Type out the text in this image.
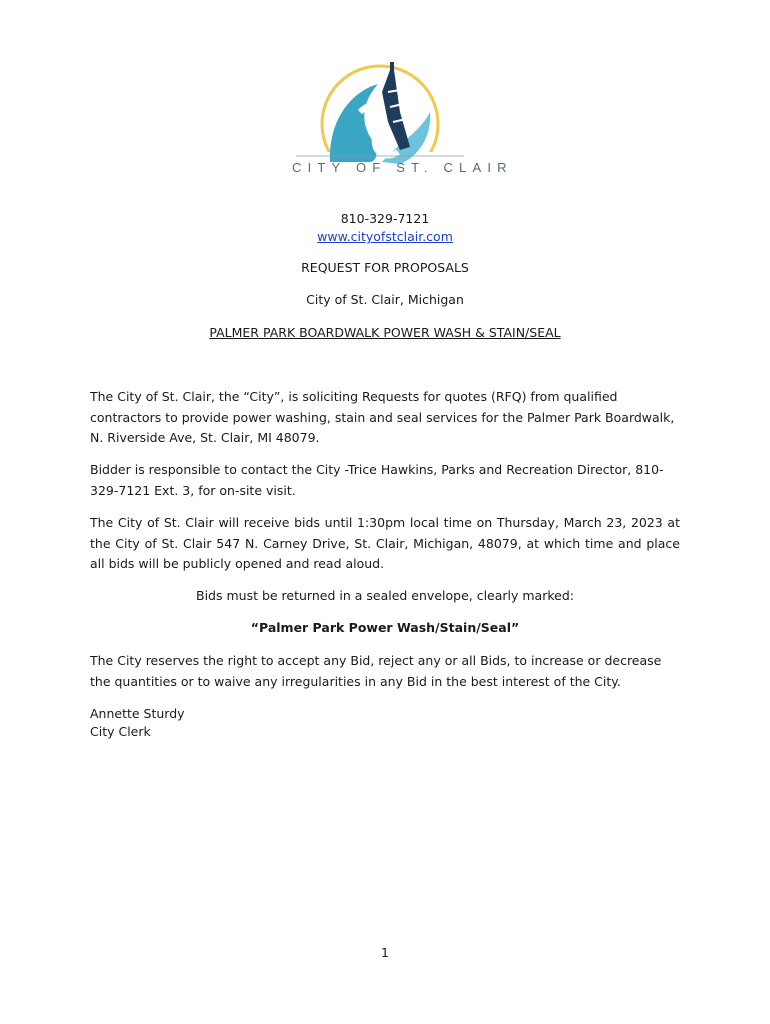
CITY OF ST. CLAIR
810-329-7121
www.cityofstclair.com
REQUEST FOR PROPOSALS
City of St. Clair, Michigan
PALMER PARK BOARDWALK POWER WASH & STAIN/SEAL

The City of St. Clair, the “City”, is soliciting Requests for quotes (RFQ) from qualified contractors to provide power washing, stain and seal services for the Palmer Park Boardwalk, N. Riverside Ave, St. Clair, MI 48079.

Bidder is responsible to contact the City -Trice Hawkins, Parks and Recreation Director, 810-329-7121 Ext. 3, for on-site visit.

The City of St. Clair will receive bids until 1:30pm local time on Thursday, March 23, 2023 at the City of St. Clair 547 N. Carney Drive, St. Clair, Michigan, 48079, at which time and place all bids will be publicly opened and read aloud.

Bids must be returned in a sealed envelope, clearly marked:

“Palmer Park Power Wash/Stain/Seal”

The City reserves the right to accept any Bid, reject any or all Bids, to increase or decrease the quantities or to waive any irregularities in any Bid in the best interest of the City.

Annette Sturdy
City Clerk
1
